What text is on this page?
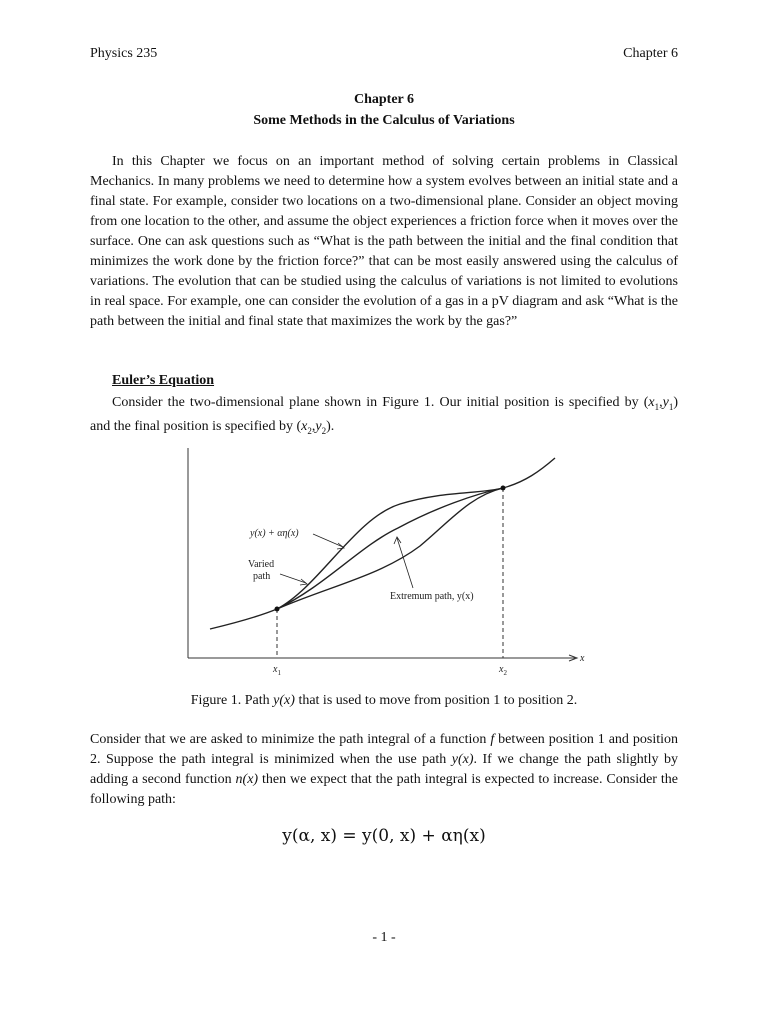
Physics 235	Chapter 6
Chapter 6
Some Methods in the Calculus of Variations
In this Chapter we focus on an important method of solving certain problems in Classical Mechanics. In many problems we need to determine how a system evolves between an initial state and a final state. For example, consider two locations on a two-dimensional plane. Consider an object moving from one location to the other, and assume the object experiences a friction force when it moves over the surface. One can ask questions such as “What is the path between the initial and the final condition that minimizes the work done by the friction force?” that can be most easily answered using the calculus of variations. The evolution that can be studied using the calculus of variations is not limited to evolutions in real space. For example, one can consider the evolution of a gas in a pV diagram and ask “What is the path between the initial and final state that maximizes the work by the gas?”
Euler’s Equation
Consider the two-dimensional plane shown in Figure 1. Our initial position is specified by $(x_1,y_1)$ and the final position is specified by $(x_2,y_2)$.
x
y(x) + αη(x)
Varied
path
Extremum path, y(x)
$x_1$	$x_2$
Figure 1. Path y(x) that is used to move from position 1 to position 2.
Consider that we are asked to minimize the path integral of a function f between position 1 and position 2. Suppose the path integral is minimized when the use path y(x). If we change the path slightly by adding a second function n(x) then we expect that the path integral is expected to increase. Consider the following path:
y(α, x) = y(0, x) + αη(x)
- 1 -
